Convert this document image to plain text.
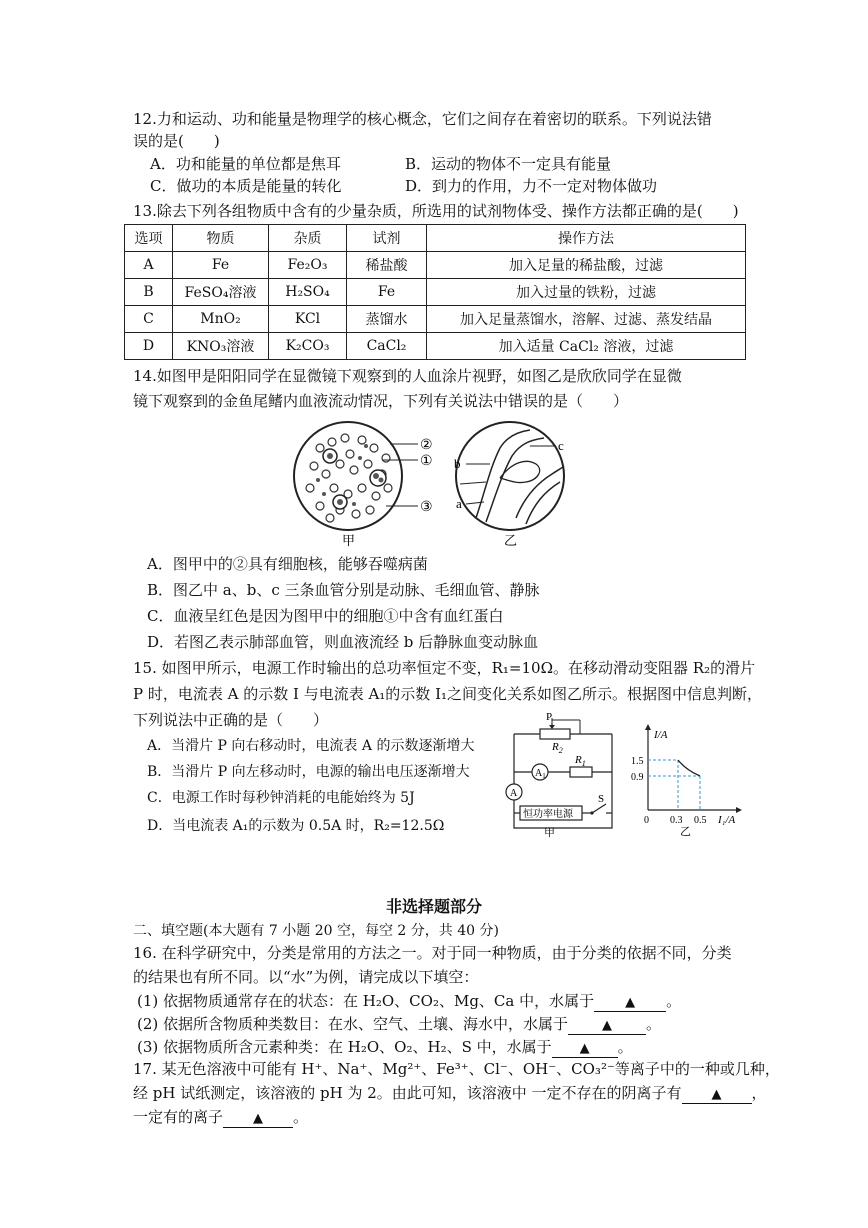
12.力和运动、功和能量是物理学的核心概念，它们之间存在着密切的联系。下列说法错
误的是(　　)
A．功和能量的单位都是焦耳	B．运动的物体不一定具有能量
C．做功的本质是能量的转化	D．到力的作用，力不一定对物体做功
13.除去下列各组物质中含有的少量杂质，所选用的试剂物体受、操作方法都正确的是(　　)
选项	物质	杂质	试剂	操作方法
A	Fe	Fe₂O₃	稀盐酸	加入足量的稀盐酸，过滤
B	FeSO₄溶液	H₂SO₄	Fe	加入过量的铁粉，过滤
C	MnO₂	KCl	蒸馏水	加入足量蒸馏水，溶解、过滤、蒸发结晶
D	KNO₃溶液	K₂CO₃	CaCl₂	加入适量 CaCl₂ 溶液，过滤
14.如图甲是阳阳同学在显微镜下观察到的人血涂片视野，如图乙是欣欣同学在显微
镜下观察到的金鱼尾鳍内血液流动情况，下列有关说法中错误的是（　　）
②
①
③
甲
b
a
c
乙
A．图甲中的②具有细胞核，能够吞噬病菌
B．图乙中 a、b、c 三条血管分别是动脉、毛细血管、静脉
C．血液呈红色是因为图甲中的细胞①中含有血红蛋白
D．若图乙表示肺部血管，则血液流经 b 后静脉血变动脉血
15. 如图甲所示，电源工作时输出的总功率恒定不变，R₁=10Ω。在移动滑动变阻器 R₂的滑片
P 时，电流表 A 的示数 I 与电流表 A₁的示数 I₁之间变化关系如图乙所示。根据图中信息判断，
下列说法中正确的是（　　）
A．当滑片 P 向右移动时，电流表 A 的示数逐渐增大
B．当滑片 P 向左移动时，电源的输出电压逐渐增大
C．电源工作时每秒钟消耗的电能始终为 5J
D．当电流表 A₁的示数为 0.5A 时，R₂=12.5Ω
P
$R_2$
$A_1$
$R_1$
A
恒功率电源
S
甲
I/A
I₁/A
1.5
0.9
0 0.3 0.5
乙
非选择题部分
二、填空题(本大题有 7 小题 20 空，每空 2 分，共 40 分)
16. 在科学研究中，分类是常用的方法之一。对于同一种物质，由于分类的依据不同，分类
的结果也有所不同。以“水”为例，请完成以下填空：
(1) 依据物质通常存在的状态：在 H₂O、CO₂、Mg、Ca 中，水属于 ▲ 。
(2) 依据所含物质种类数目：在水、空气、土壤、海水中，水属于	▲ 。
(3) 依据物质所含元素种类：在 H₂O、O₂、H₂、S 中，水属于 ▲ 。
17. 某无色溶液中可能有 H⁺、Na⁺、Mg²⁺、Fe³⁺、Cl⁻、OH⁻、CO₃²⁻等离子中的一种或几种，
经 pH 试纸测定，该溶液的 pH 为 2。由此可知，该溶液中 一定不存在的阴离子有 ▲ ，
一定有的离子 ▲ 。
